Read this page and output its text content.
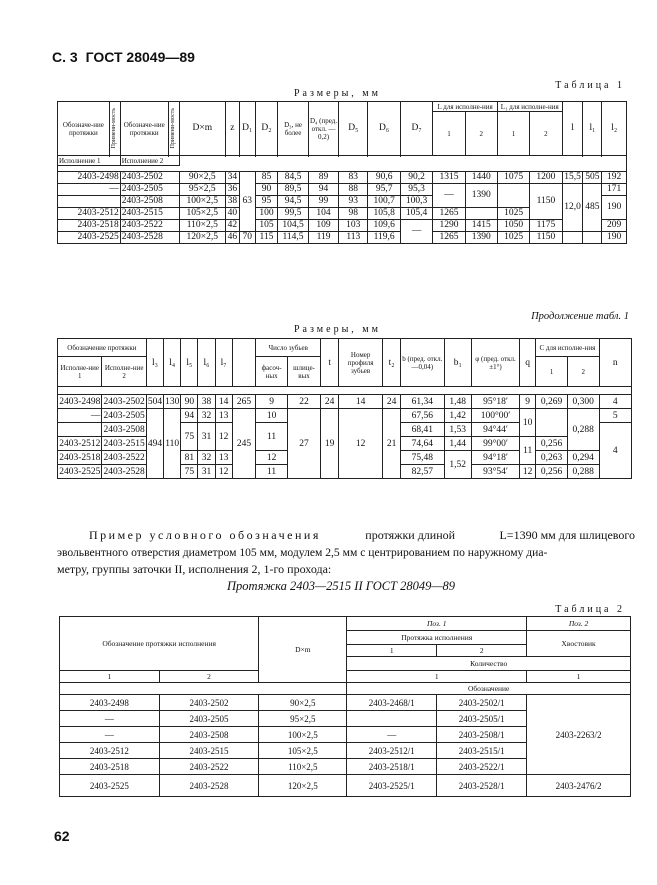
С. 3 ГОСТ 28049—89
Таблица 1
Размеры, мм
Обозначе-ние протяжки	Примени-мость	Обозначе-ние протяжки	Примени-мость	D×m	z	D₁	D₂	D₃, не более	D₄ (пред. откл. —0,2)	D₅	D₆	D₇	L для исполне-ния		L₁ для исполне-ния		l	l₁	l₂
													1	2	1	2			

Исполнение 1		Исполнение 2																	

2403-2498		2403-2502		90×2,5	34	63	85	84,5	89	83	90,6	90,2	1315	1440	1075	1200	15,5	505	192
—		2403-2505		95×2,5	36		90	89,5	94	88	95,7	95,3	—	1390		1150	12,0	485	171
		2403-2508		100×2,5	38		95	94,5	99	93	100,7	100,3							190
2403-2512		2403-2515		105×2,5	40		100	99,5	104	98	105,8	105,4	1265		1025				
2403-2518		2403-2522		110×2,5	42		105	104,5	109	103	109,6	—	1290	1415	1050	1175			209
2403-2525		2403-2528		120×2,5	46	70	115	114,5	119	113	119,6		1265	1390	1025	1150			190
Продолжение табл. 1
Размеры, мм
Обозначение протяжки		l₃	l₄	l₅	l₆	l₇		Число зубьев		t	Номер профиля зубьев	t₂	b (пред. откл. —0,04)	b₁	φ (пред. откл. ±1°)	q	C для исполне-ния		n
Исполне-ние 1	Исполне-ние 2							фасоч-ных	шлице-вых								1	2	

2403-2498	2403-2502	504	130	90	38	14	265	9	22	24	14	24	61,34	1,48	95°18′	9	0,269	0,300	4
—	2403-2505	494	110	94	32	13	245	10	27	19	12	21	67,56	1,42	100°00′	10		0,288	5
	2403-2508			75	31	12		11					68,41	1,53	94°44′				4
2403-2512	2403-2515												74,64	1,44	99°00′	11	0,256		
2403-2518	2403-2522			81	32	13		12					75,48	1,52	94°18′		0,263	0,294	
2403-2525	2403-2528			75	31	12		11					82,57		93°54′	12	0,256	0,288	
Пример условного обозначения	протяжки длиной	L=1390 мм для шлицевого
эвольвентного отверстия диаметром 105 мм, модулем 2,5 мм с центрированием по наружному диа-
метру, группы заточки II, исполнения 2, 1-го прохода:
Протяжка 2403—2515 II ГОСТ 28049—89
Таблица 2
Обозначение протяжки исполнения		D×m	Поз. 1		Поз. 2
			Протяжка исполнения		Хвостовик
			1	2	
			Количество		
1	2		1		1
			Обозначение		
2403-2498	2403-2502	90×2,5	2403-2468/1	2403-2502/1	2403-2263/2
—	2403-2505	95×2,5		2403-2505/1	
—	2403-2508	100×2,5	—	2403-2508/1	
2403-2512	2403-2515	105×2,5	2403-2512/1	2403-2515/1	
2403-2518	2403-2522	110×2,5	2403-2518/1	2403-2522/1	
2403-2525	2403-2528	120×2,5	2403-2525/1	2403-2528/1	2403-2476/2
62
